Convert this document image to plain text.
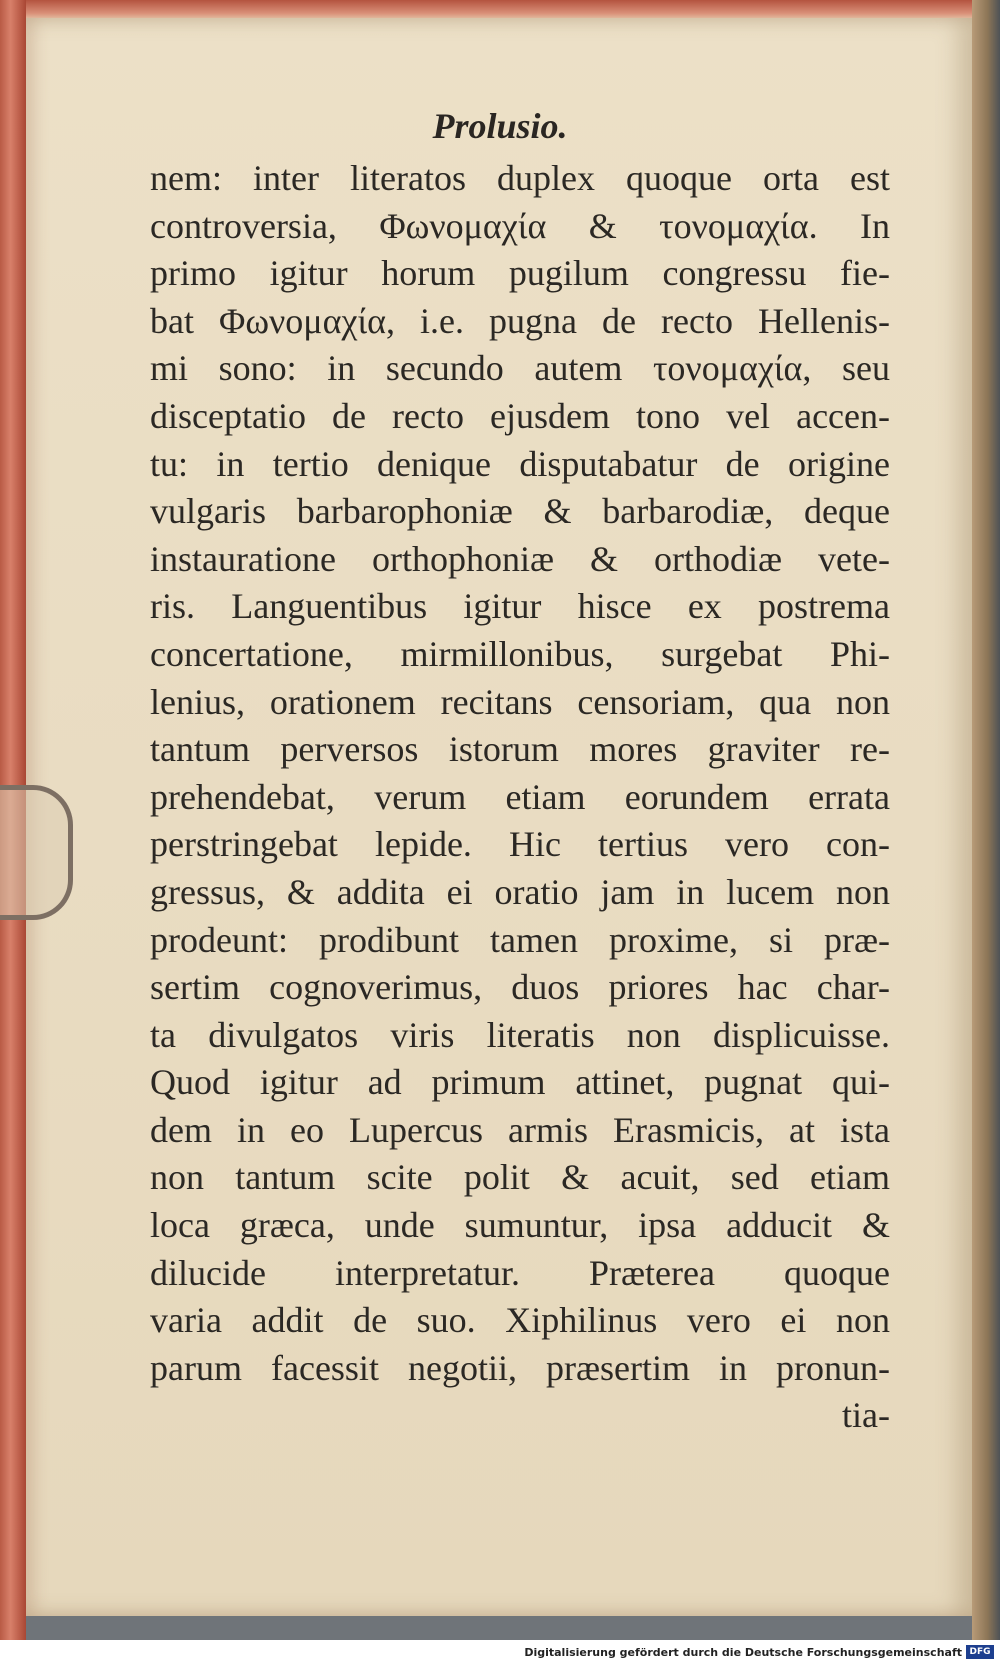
Prolusio.
nem: inter literatos duplex quoque orta est
controversia, Φωνομαχία & τονομαχία. In
primo igitur horum pugilum congressu fie-
bat Φωνομαχία, i.e. pugna de recto Hellenis-
mi sono: in secundo autem τονομαχία, seu
disceptatio de recto ejusdem tono vel accen-
tu: in tertio denique disputabatur de origine
vulgaris barbarophoniæ & barbarodiæ, deque
instauratione orthophoniæ & orthodiæ vete-
ris. Languentibus igitur hisce ex postrema
concertatione, mirmillonibus, surgebat Phi-
lenius, orationem recitans censoriam, qua non
tantum perversos istorum mores graviter re-
prehendebat, verum etiam eorundem errata
perstringebat lepide. Hic tertius vero con-
gressus, & addita ei oratio jam in lucem non
prodeunt: prodibunt tamen proxime, si præ-
sertim cognoverimus, duos priores hac char-
ta divulgatos viris literatis non displicuisse.
Quod igitur ad primum attinet, pugnat qui-
dem in eo Lupercus armis Erasmicis, at ista
non tantum scite polit & acuit, sed etiam
loca græca, unde sumuntur, ipsa adducit &
dilucide interpretatur. Præterea quoque
varia addit de suo. Xiphilinus vero ei non
parum facessit negotii, præsertim in pronun-
tia-
Digitalisierung gefördert durch die Deutsche Forschungsgemeinschaft DFG
